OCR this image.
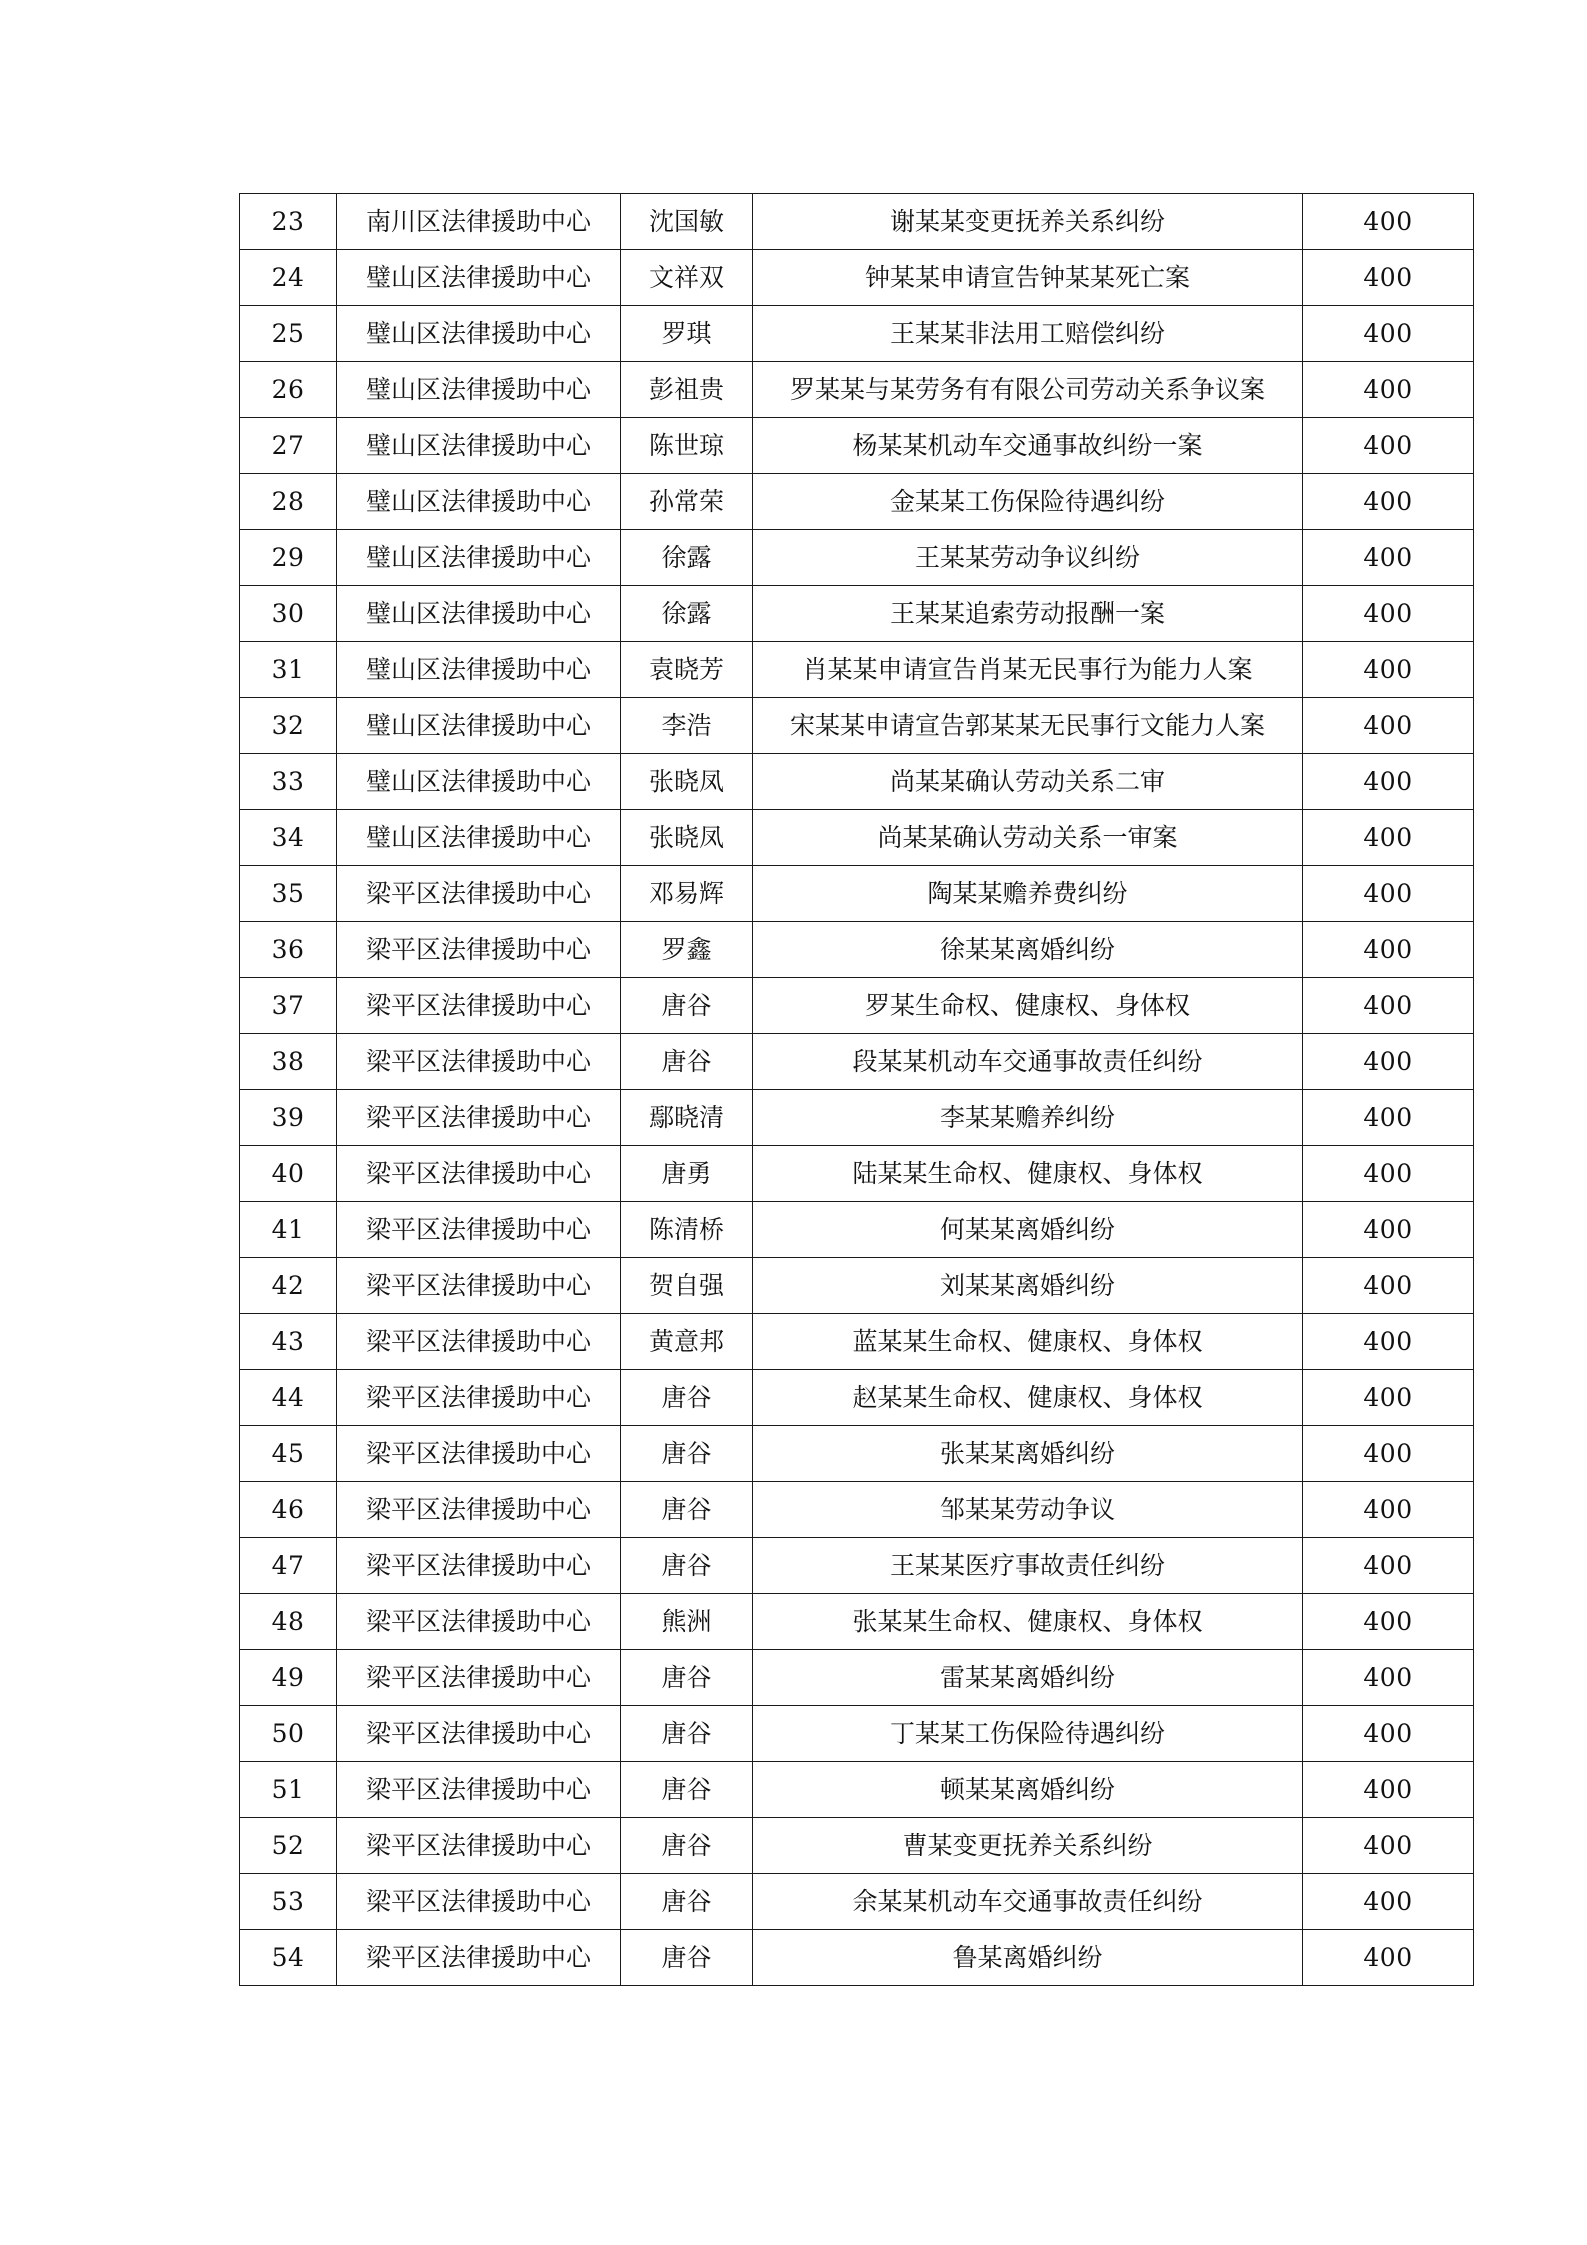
23	南川区法律援助中心	沈国敏	谢某某变更抚养关系纠纷	400
24	璧山区法律援助中心	文祥双	钟某某申请宣告钟某某死亡案	400
25	璧山区法律援助中心	罗琪	王某某非法用工赔偿纠纷	400
26	璧山区法律援助中心	彭祖贵	罗某某与某劳务有有限公司劳动关系争议案	400
27	璧山区法律援助中心	陈世琼	杨某某机动车交通事故纠纷一案	400
28	璧山区法律援助中心	孙常荣	金某某工伤保险待遇纠纷	400
29	璧山区法律援助中心	徐露	王某某劳动争议纠纷	400
30	璧山区法律援助中心	徐露	王某某追索劳动报酬一案	400
31	璧山区法律援助中心	袁晓芳	肖某某申请宣告肖某无民事行为能力人案	400
32	璧山区法律援助中心	李浩	宋某某申请宣告郭某某无民事行文能力人案	400
33	璧山区法律援助中心	张晓凤	尚某某确认劳动关系二审	400
34	璧山区法律援助中心	张晓凤	尚某某确认劳动关系一审案	400
35	梁平区法律援助中心	邓易辉	陶某某赡养费纠纷	400
36	梁平区法律援助中心	罗鑫	徐某某离婚纠纷	400
37	梁平区法律援助中心	唐谷	罗某生命权、健康权、身体权	400
38	梁平区法律援助中心	唐谷	段某某机动车交通事故责任纠纷	400
39	梁平区法律援助中心	鄢晓清	李某某赡养纠纷	400
40	梁平区法律援助中心	唐勇	陆某某生命权、健康权、身体权	400
41	梁平区法律援助中心	陈清桥	何某某离婚纠纷	400
42	梁平区法律援助中心	贺自强	刘某某离婚纠纷	400
43	梁平区法律援助中心	黄意邦	蓝某某生命权、健康权、身体权	400
44	梁平区法律援助中心	唐谷	赵某某生命权、健康权、身体权	400
45	梁平区法律援助中心	唐谷	张某某离婚纠纷	400
46	梁平区法律援助中心	唐谷	邹某某劳动争议	400
47	梁平区法律援助中心	唐谷	王某某医疗事故责任纠纷	400
48	梁平区法律援助中心	熊洲	张某某生命权、健康权、身体权	400
49	梁平区法律援助中心	唐谷	雷某某离婚纠纷	400
50	梁平区法律援助中心	唐谷	丁某某工伤保险待遇纠纷	400
51	梁平区法律援助中心	唐谷	顿某某离婚纠纷	400
52	梁平区法律援助中心	唐谷	曹某变更抚养关系纠纷	400
53	梁平区法律援助中心	唐谷	余某某机动车交通事故责任纠纷	400
54	梁平区法律援助中心	唐谷	鲁某离婚纠纷	400
